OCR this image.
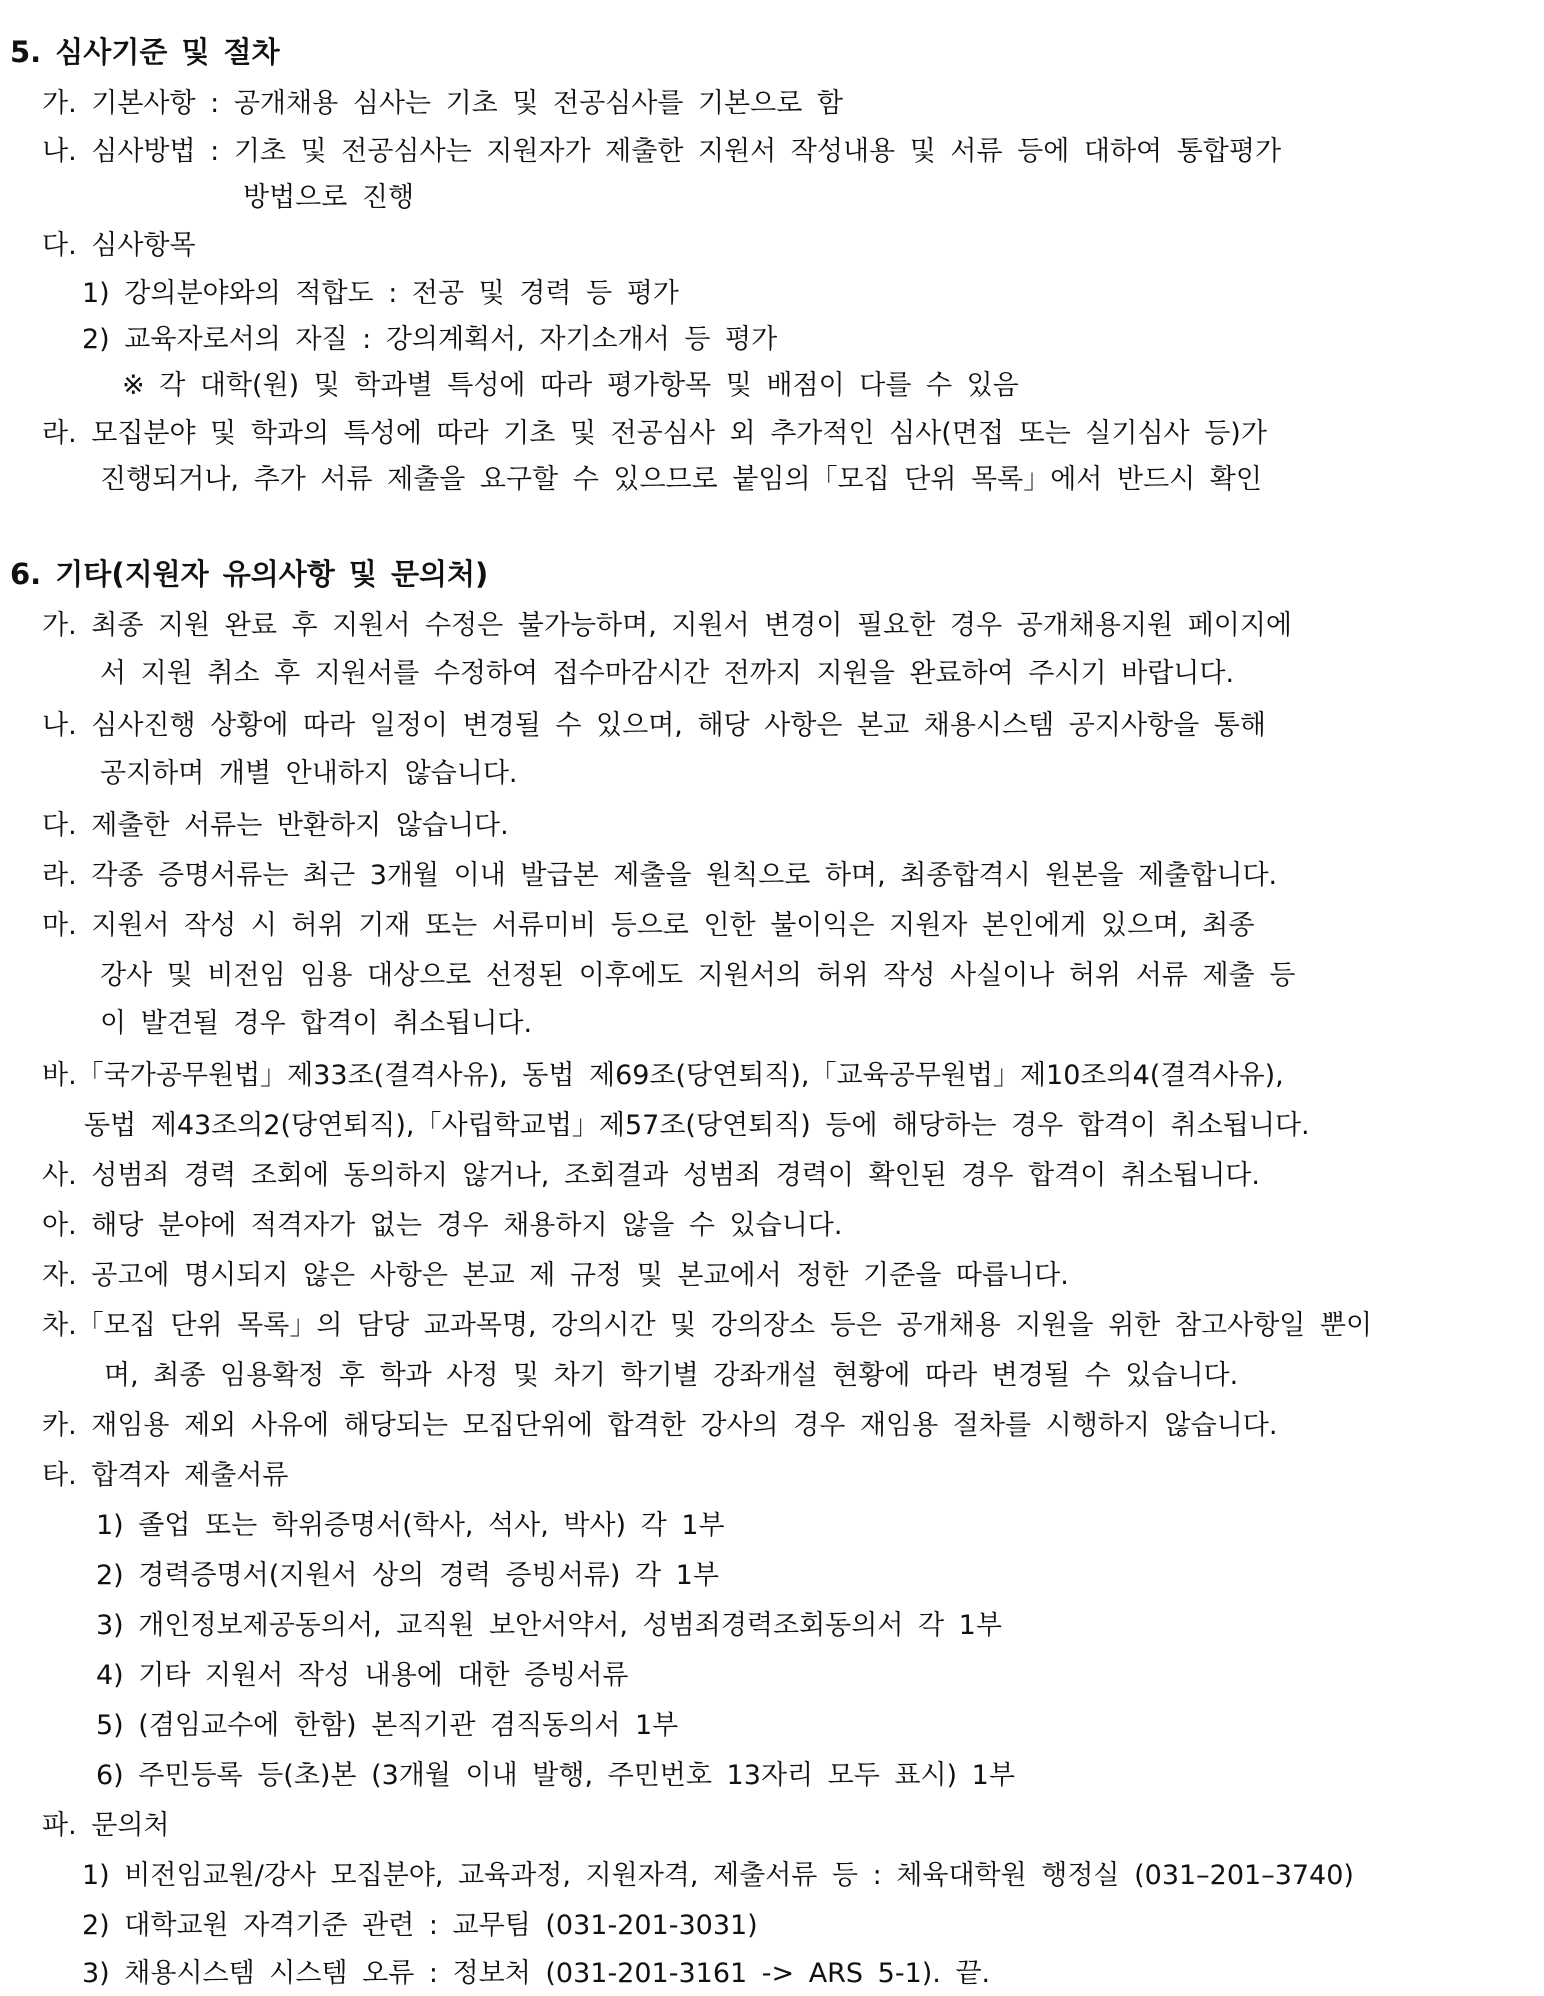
5. 심사기준 및 절차
가. 기본사항 : 공개채용 심사는 기초 및 전공심사를 기본으로 함
나. 심사방법 : 기초 및 전공심사는 지원자가 제출한 지원서 작성내용 및 서류 등에 대하여 통합평가
방법으로 진행
다. 심사항목
1) 강의분야와의 적합도 : 전공 및 경력 등 평가
2) 교육자로서의 자질 : 강의계획서, 자기소개서 등 평가
※ 각 대학(원) 및 학과별 특성에 따라 평가항목 및 배점이 다를 수 있음
라. 모집분야 및 학과의 특성에 따라 기초 및 전공심사 외 추가적인 심사(면접 또는 실기심사 등)가
진행되거나, 추가 서류 제출을 요구할 수 있으므로 붙임의「모집 단위 목록」에서 반드시 확인
6. 기타(지원자 유의사항 및 문의처)
가. 최종 지원 완료 후 지원서 수정은 불가능하며, 지원서 변경이 필요한 경우 공개채용지원 페이지에
서 지원 취소 후 지원서를 수정하여 접수마감시간 전까지 지원을 완료하여 주시기 바랍니다.
나. 심사진행 상황에 따라 일정이 변경될 수 있으며, 해당 사항은 본교 채용시스템 공지사항을 통해
공지하며 개별 안내하지 않습니다.
다. 제출한 서류는 반환하지 않습니다.
라. 각종 증명서류는 최근 3개월 이내 발급본 제출을 원칙으로 하며, 최종합격시 원본을 제출합니다.
마. 지원서 작성 시 허위 기재 또는 서류미비 등으로 인한 불이익은 지원자 본인에게 있으며, 최종
강사 및 비전임 임용 대상으로 선정된 이후에도 지원서의 허위 작성 사실이나 허위 서류 제출 등
이 발견될 경우 합격이 취소됩니다.
바.「국가공무원법」제33조(결격사유), 동법 제69조(당연퇴직),「교육공무원법」제10조의4(결격사유),
동법 제43조의2(당연퇴직),「사립학교법」제57조(당연퇴직) 등에 해당하는 경우 합격이 취소됩니다.
사. 성범죄 경력 조회에 동의하지 않거나, 조회결과 성범죄 경력이 확인된 경우 합격이 취소됩니다.
아. 해당 분야에 적격자가 없는 경우 채용하지 않을 수 있습니다.
자. 공고에 명시되지 않은 사항은 본교 제 규정 및 본교에서 정한 기준을 따릅니다.
차.「모집 단위 목록」의 담당 교과목명, 강의시간 및 강의장소 등은 공개채용 지원을 위한 참고사항일 뿐이
며, 최종 임용확정 후 학과 사정 및 차기 학기별 강좌개설 현황에 따라 변경될 수 있습니다.
카. 재임용 제외 사유에 해당되는 모집단위에 합격한 강사의 경우 재임용 절차를 시행하지 않습니다.
타. 합격자 제출서류
1) 졸업 또는 학위증명서(학사, 석사, 박사) 각 1부
2) 경력증명서(지원서 상의 경력 증빙서류) 각 1부
3) 개인정보제공동의서, 교직원 보안서약서, 성범죄경력조회동의서 각 1부
4) 기타 지원서 작성 내용에 대한 증빙서류
5) (겸임교수에 한함) 본직기관 겸직동의서 1부
6) 주민등록 등(초)본 (3개월 이내 발행, 주민번호 13자리 모두 표시) 1부
파. 문의처
1) 비전임교원/강사 모집분야, 교육과정, 지원자격, 제출서류 등 : 체육대학원 행정실 (031–201–3740)
2) 대학교원 자격기준 관련 : 교무팀 (031-201-3031)
3) 채용시스템 시스템 오류 : 정보처 (031-201-3161 -> ARS 5-1). 끝.
